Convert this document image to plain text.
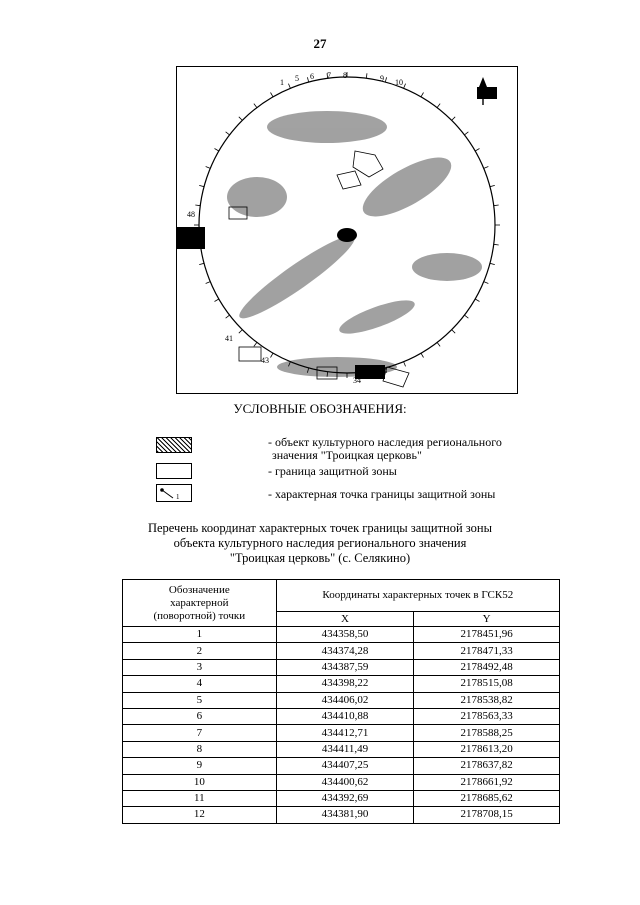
27
1 5 6 7 8	9 10
48
34
41
43
УСЛОВНЫЕ ОБОЗНАЧЕНИЯ:
- объект культурного наследия регионального
значения "Троицкая церковь"
- граница защитной зоны
1	- характерная точка границы защитной зоны
Перечень координат характерных точек границы защитной зоны
объекта культурного наследия регионального значения
"Троицкая церковь" (с. Селякино)
Обозначение
характерной
(поворотной) точки	Координаты характерных точек в ГСК52	
	X	Y
1	434358,50	2178451,96
2	434374,28	2178471,33
3	434387,59	2178492,48
4	434398,22	2178515,08
5	434406,02	2178538,82
6	434410,88	2178563,33
7	434412,71	2178588,25
8	434411,49	2178613,20
9	434407,25	2178637,82
10	434400,62	2178661,92
11	434392,69	2178685,62
12	434381,90	2178708,15
